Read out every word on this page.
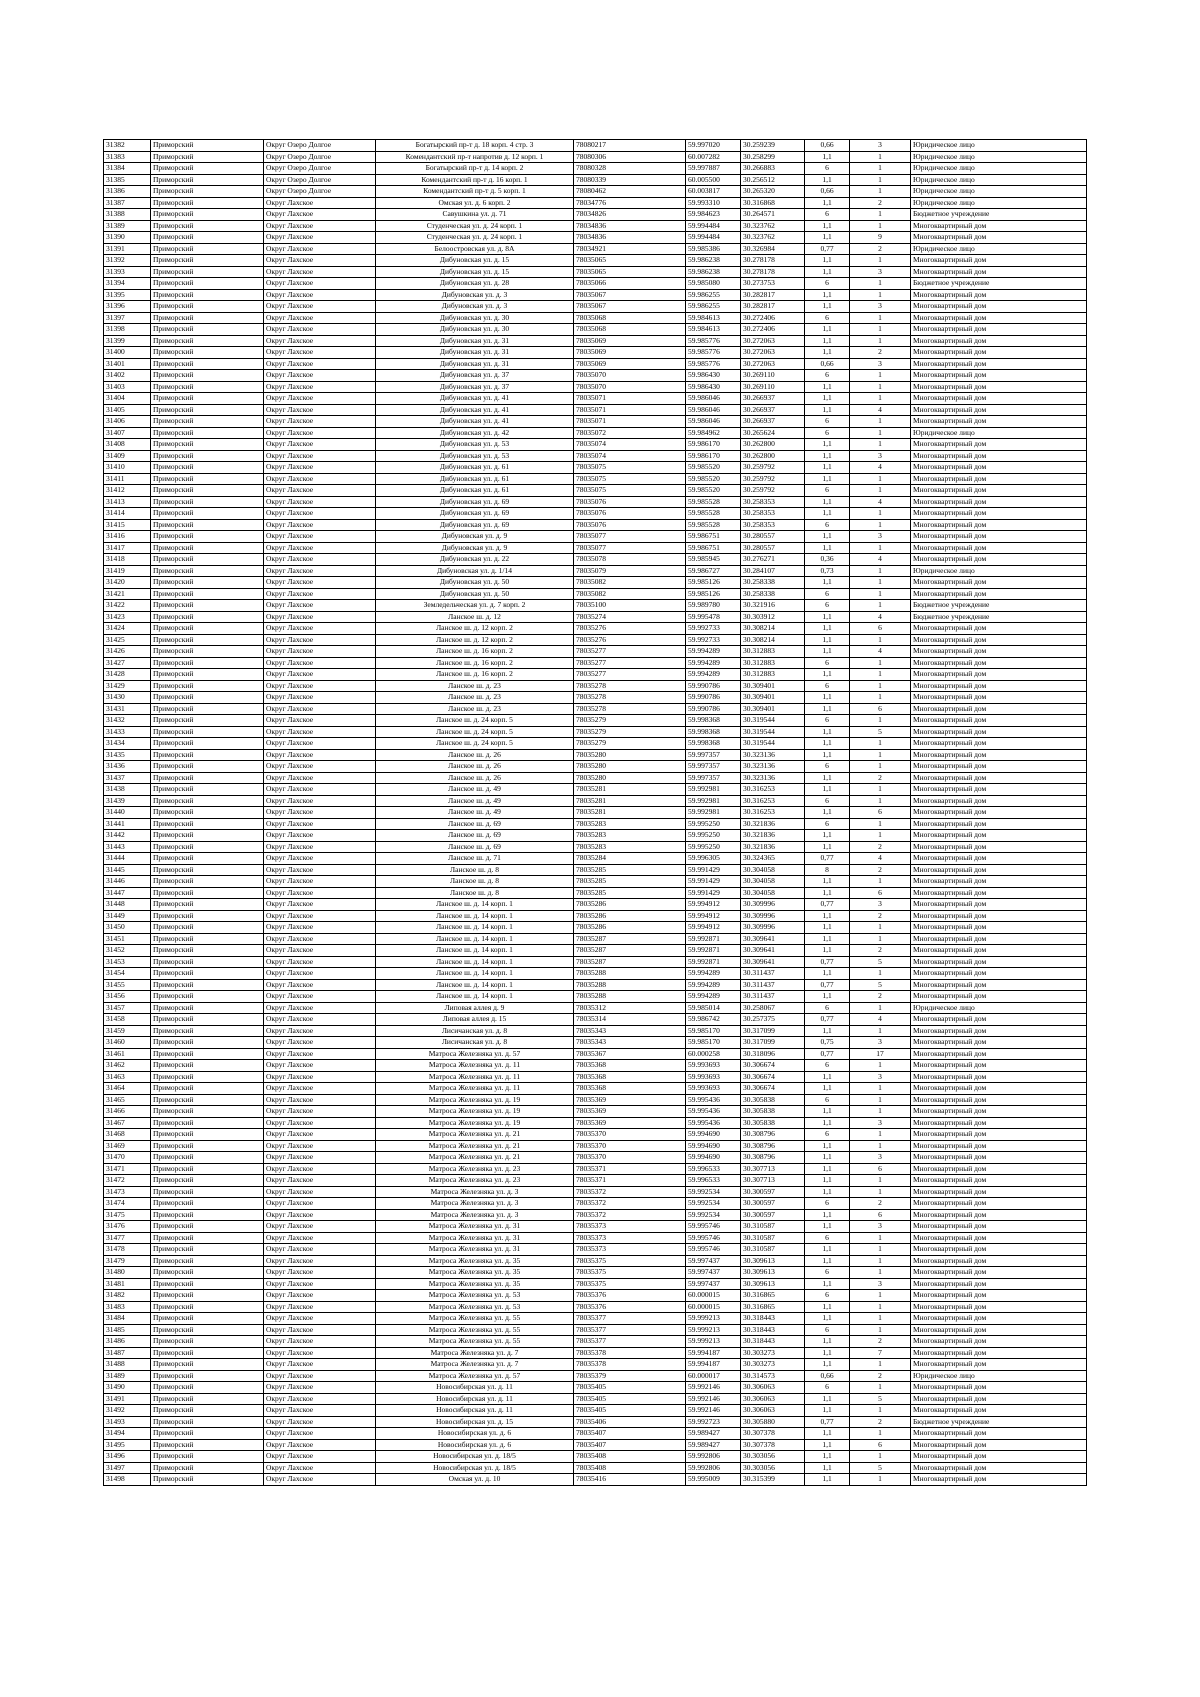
31382	Приморский	Округ Озеро Долгое	Богатырский пр-т д. 18 корп. 4 стр. 3	78080217	59.997020	30.259239	0,66	3	Юридическое лицо
31383	Приморский	Округ Озеро Долгое	Комендантский пр-т напротив д. 12 корп. 1	78080306	60.007282	30.258299	1,1	1	Юридическое лицо
31384	Приморский	Округ Озеро Долгое	Богатырский пр-т д. 14 корп. 2	78080328	59.997887	30.266883	6	1	Юридическое лицо
31385	Приморский	Округ Озеро Долгое	Комендантский пр-т д. 16 корп. 1	78080339	60.005500	30.256512	1,1	1	Юридическое лицо
31386	Приморский	Округ Озеро Долгое	Комендантский пр-т д. 5 корп. 1	78080462	60.003817	30.265320	0,66	1	Юридическое лицо
31387	Приморский	Округ Лахское	Омская ул. д. 6 корп. 2	78034776	59.993310	30.316868	1,1	2	Юридическое лицо
31388	Приморский	Округ Лахское	Савушкина ул. д. 71	78034826	59.984623	30.264571	6	1	Бюджетное учреждение
31389	Приморский	Округ Лахское	Студенческая ул. д. 24 корп. 1	78034836	59.994484	30.323762	1,1	1	Многоквартирный дом
31390	Приморский	Округ Лахское	Студенческая ул. д. 24 корп. 1	78034836	59.994484	30.323762	1,1	9	Многоквартирный дом
31391	Приморский	Округ Лахское	Белоостровская ул. д. 8А	78034921	59.985386	30.326984	0,77	2	Юридическое лицо
31392	Приморский	Округ Лахское	Дибуновская ул. д. 15	78035065	59.986238	30.278178	1,1	1	Многоквартирный дом
31393	Приморский	Округ Лахское	Дибуновская ул. д. 15	78035065	59.986238	30.278178	1,1	3	Многоквартирный дом
31394	Приморский	Округ Лахское	Дибуновская ул. д. 28	78035066	59.985080	30.273753	6	1	Бюджетное учреждение
31395	Приморский	Округ Лахское	Дибуновская ул. д. 3	78035067	59.986255	30.282817	1,1	1	Многоквартирный дом
31396	Приморский	Округ Лахское	Дибуновская ул. д. 3	78035067	59.986255	30.282817	1,1	3	Многоквартирный дом
31397	Приморский	Округ Лахское	Дибуновская ул. д. 30	78035068	59.984613	30.272406	6	1	Многоквартирный дом
31398	Приморский	Округ Лахское	Дибуновская ул. д. 30	78035068	59.984613	30.272406	1,1	1	Многоквартирный дом
31399	Приморский	Округ Лахское	Дибуновская ул. д. 31	78035069	59.985776	30.272063	1,1	1	Многоквартирный дом
31400	Приморский	Округ Лахское	Дибуновская ул. д. 31	78035069	59.985776	30.272063	1,1	2	Многоквартирный дом
31401	Приморский	Округ Лахское	Дибуновская ул. д. 31	78035069	59.985776	30.272063	0,66	3	Многоквартирный дом
31402	Приморский	Округ Лахское	Дибуновская ул. д. 37	78035070	59.986430	30.269110	6	1	Многоквартирный дом
31403	Приморский	Округ Лахское	Дибуновская ул. д. 37	78035070	59.986430	30.269110	1,1	1	Многоквартирный дом
31404	Приморский	Округ Лахское	Дибуновская ул. д. 41	78035071	59.986046	30.266937	1,1	1	Многоквартирный дом
31405	Приморский	Округ Лахское	Дибуновская ул. д. 41	78035071	59.986046	30.266937	1,1	4	Многоквартирный дом
31406	Приморский	Округ Лахское	Дибуновская ул. д. 41	78035071	59.986046	30.266937	6	1	Многоквартирный дом
31407	Приморский	Округ Лахское	Дибуновская ул. д. 42	78035072	59.984962	30.265624	6	1	Юридическое лицо
31408	Приморский	Округ Лахское	Дибуновская ул. д. 53	78035074	59.986170	30.262800	1,1	1	Многоквартирный дом
31409	Приморский	Округ Лахское	Дибуновская ул. д. 53	78035074	59.986170	30.262800	1,1	3	Многоквартирный дом
31410	Приморский	Округ Лахское	Дибуновская ул. д. 61	78035075	59.985520	30.259792	1,1	4	Многоквартирный дом
31411	Приморский	Округ Лахское	Дибуновская ул. д. 61	78035075	59.985520	30.259792	1,1	1	Многоквартирный дом
31412	Приморский	Округ Лахское	Дибуновская ул. д. 61	78035075	59.985520	30.259792	6	1	Многоквартирный дом
31413	Приморский	Округ Лахское	Дибуновская ул. д. 69	78035076	59.985528	30.258353	1,1	4	Многоквартирный дом
31414	Приморский	Округ Лахское	Дибуновская ул. д. 69	78035076	59.985528	30.258353	1,1	1	Многоквартирный дом
31415	Приморский	Округ Лахское	Дибуновская ул. д. 69	78035076	59.985528	30.258353	6	1	Многоквартирный дом
31416	Приморский	Округ Лахское	Дибуновская ул. д. 9	78035077	59.986751	30.280557	1,1	3	Многоквартирный дом
31417	Приморский	Округ Лахское	Дибуновская ул. д. 9	78035077	59.986751	30.280557	1,1	1	Многоквартирный дом
31418	Приморский	Округ Лахское	Дибуновская ул. д. 22	78035078	59.985945	30.276271	0,36	4	Многоквартирный дом
31419	Приморский	Округ Лахское	Дибуновская ул. д. 1/14	78035079	59.986727	30.284107	0,73	1	Юридическое лицо
31420	Приморский	Округ Лахское	Дибуновская ул. д. 50	78035082	59.985126	30.258338	1,1	1	Многоквартирный дом
31421	Приморский	Округ Лахское	Дибуновская ул. д. 50	78035082	59.985126	30.258338	6	1	Многоквартирный дом
31422	Приморский	Округ Лахское	Земледельческая ул. д. 7 корп. 2	78035100	59.989780	30.321916	6	1	Бюджетное учреждение
31423	Приморский	Округ Лахское	Ланское ш. д. 12	78035274	59.995478	30.303912	1,1	4	Бюджетное учреждение
31424	Приморский	Округ Лахское	Ланское ш. д. 12 корп. 2	78035276	59.992733	30.308214	1,1	6	Многоквартирный дом
31425	Приморский	Округ Лахское	Ланское ш. д. 12 корп. 2	78035276	59.992733	30.308214	1,1	1	Многоквартирный дом
31426	Приморский	Округ Лахское	Ланское ш. д. 16 корп. 2	78035277	59.994289	30.312883	1,1	4	Многоквартирный дом
31427	Приморский	Округ Лахское	Ланское ш. д. 16 корп. 2	78035277	59.994289	30.312883	6	1	Многоквартирный дом
31428	Приморский	Округ Лахское	Ланское ш. д. 16 корп. 2	78035277	59.994289	30.312883	1,1	1	Многоквартирный дом
31429	Приморский	Округ Лахское	Ланское ш. д. 23	78035278	59.990786	30.309401	6	1	Многоквартирный дом
31430	Приморский	Округ Лахское	Ланское ш. д. 23	78035278	59.990786	30.309401	1,1	1	Многоквартирный дом
31431	Приморский	Округ Лахское	Ланское ш. д. 23	78035278	59.990786	30.309401	1,1	6	Многоквартирный дом
31432	Приморский	Округ Лахское	Ланское ш. д. 24 корп. 5	78035279	59.998368	30.319544	6	1	Многоквартирный дом
31433	Приморский	Округ Лахское	Ланское ш. д. 24 корп. 5	78035279	59.998368	30.319544	1,1	5	Многоквартирный дом
31434	Приморский	Округ Лахское	Ланское ш. д. 24 корп. 5	78035279	59.998368	30.319544	1,1	1	Многоквартирный дом
31435	Приморский	Округ Лахское	Ланское ш. д. 26	78035280	59.997357	30.323136	1,1	1	Многоквартирный дом
31436	Приморский	Округ Лахское	Ланское ш. д. 26	78035280	59.997357	30.323136	6	1	Многоквартирный дом
31437	Приморский	Округ Лахское	Ланское ш. д. 26	78035280	59.997357	30.323136	1,1	2	Многоквартирный дом
31438	Приморский	Округ Лахское	Ланское ш. д. 49	78035281	59.992981	30.316253	1,1	1	Многоквартирный дом
31439	Приморский	Округ Лахское	Ланское ш. д. 49	78035281	59.992981	30.316253	6	1	Многоквартирный дом
31440	Приморский	Округ Лахское	Ланское ш. д. 49	78035281	59.992981	30.316253	1,1	6	Многоквартирный дом
31441	Приморский	Округ Лахское	Ланское ш. д. 69	78035283	59.995250	30.321836	6	1	Многоквартирный дом
31442	Приморский	Округ Лахское	Ланское ш. д. 69	78035283	59.995250	30.321836	1,1	1	Многоквартирный дом
31443	Приморский	Округ Лахское	Ланское ш. д. 69	78035283	59.995250	30.321836	1,1	2	Многоквартирный дом
31444	Приморский	Округ Лахское	Ланское ш. д. 71	78035284	59.996305	30.324365	0,77	4	Многоквартирный дом
31445	Приморский	Округ Лахское	Ланское ш. д. 8	78035285	59.991429	30.304058	8	2	Многоквартирный дом
31446	Приморский	Округ Лахское	Ланское ш. д. 8	78035285	59.991429	30.304058	1,1	1	Многоквартирный дом
31447	Приморский	Округ Лахское	Ланское ш. д. 8	78035285	59.991429	30.304058	1,1	6	Многоквартирный дом
31448	Приморский	Округ Лахское	Ланское ш. д. 14 корп. 1	78035286	59.994912	30.309996	0,77	3	Многоквартирный дом
31449	Приморский	Округ Лахское	Ланское ш. д. 14 корп. 1	78035286	59.994912	30.309996	1,1	2	Многоквартирный дом
31450	Приморский	Округ Лахское	Ланское ш. д. 14 корп. 1	78035286	59.994912	30.309996	1,1	1	Многоквартирный дом
31451	Приморский	Округ Лахское	Ланское ш. д. 14 корп. 1	78035287	59.992871	30.309641	1,1	1	Многоквартирный дом
31452	Приморский	Округ Лахское	Ланское ш. д. 14 корп. 1	78035287	59.992871	30.309641	1,1	2	Многоквартирный дом
31453	Приморский	Округ Лахское	Ланское ш. д. 14 корп. 1	78035287	59.992871	30.309641	0,77	5	Многоквартирный дом
31454	Приморский	Округ Лахское	Ланское ш. д. 14 корп. 1	78035288	59.994289	30.311437	1,1	1	Многоквартирный дом
31455	Приморский	Округ Лахское	Ланское ш. д. 14 корп. 1	78035288	59.994289	30.311437	0,77	5	Многоквартирный дом
31456	Приморский	Округ Лахское	Ланское ш. д. 14 корп. 1	78035288	59.994289	30.311437	1,1	2	Многоквартирный дом
31457	Приморский	Округ Лахское	Липовая аллея д. 9	78035312	59.985014	30.258067	6	1	Юридическое лицо
31458	Приморский	Округ Лахское	Липовая аллея д. 15	78035314	59.986742	30.257375	0,77	4	Многоквартирный дом
31459	Приморский	Округ Лахское	Лисичанская ул. д. 8	78035343	59.985170	30.317099	1,1	1	Многоквартирный дом
31460	Приморский	Округ Лахское	Лисичанская ул. д. 8	78035343	59.985170	30.317099	0,75	3	Многоквартирный дом
31461	Приморский	Округ Лахское	Матроса Железняка ул. д. 57	78035367	60.000258	30.318096	0,77	17	Многоквартирный дом
31462	Приморский	Округ Лахское	Матроса Железняка ул. д. 11	78035368	59.993693	30.306674	6	1	Многоквартирный дом
31463	Приморский	Округ Лахское	Матроса Железняка ул. д. 11	78035368	59.993693	30.306674	1,1	3	Многоквартирный дом
31464	Приморский	Округ Лахское	Матроса Железняка ул. д. 11	78035368	59.993693	30.306674	1,1	1	Многоквартирный дом
31465	Приморский	Округ Лахское	Матроса Железняка ул. д. 19	78035369	59.995436	30.305838	6	1	Многоквартирный дом
31466	Приморский	Округ Лахское	Матроса Железняка ул. д. 19	78035369	59.995436	30.305838	1,1	1	Многоквартирный дом
31467	Приморский	Округ Лахское	Матроса Железняка ул. д. 19	78035369	59.995436	30.305838	1,1	3	Многоквартирный дом
31468	Приморский	Округ Лахское	Матроса Железняка ул. д. 21	78035370	59.994690	30.308796	6	1	Многоквартирный дом
31469	Приморский	Округ Лахское	Матроса Железняка ул. д. 21	78035370	59.994690	30.308796	1,1	1	Многоквартирный дом
31470	Приморский	Округ Лахское	Матроса Железняка ул. д. 21	78035370	59.994690	30.308796	1,1	3	Многоквартирный дом
31471	Приморский	Округ Лахское	Матроса Железняка ул. д. 23	78035371	59.996533	30.307713	1,1	6	Многоквартирный дом
31472	Приморский	Округ Лахское	Матроса Железняка ул. д. 23	78035371	59.996533	30.307713	1,1	1	Многоквартирный дом
31473	Приморский	Округ Лахское	Матроса Железняка ул. д. 3	78035372	59.992534	30.300597	1,1	1	Многоквартирный дом
31474	Приморский	Округ Лахское	Матроса Железняка ул. д. 3	78035372	59.992534	30.300597	6	2	Многоквартирный дом
31475	Приморский	Округ Лахское	Матроса Железняка ул. д. 3	78035372	59.992534	30.300597	1,1	6	Многоквартирный дом
31476	Приморский	Округ Лахское	Матроса Железняка ул. д. 31	78035373	59.995746	30.310587	1,1	3	Многоквартирный дом
31477	Приморский	Округ Лахское	Матроса Железняка ул. д. 31	78035373	59.995746	30.310587	6	1	Многоквартирный дом
31478	Приморский	Округ Лахское	Матроса Железняка ул. д. 31	78035373	59.995746	30.310587	1,1	1	Многоквартирный дом
31479	Приморский	Округ Лахское	Матроса Железняка ул. д. 35	78035375	59.997437	30.309613	1,1	1	Многоквартирный дом
31480	Приморский	Округ Лахское	Матроса Железняка ул. д. 35	78035375	59.997437	30.309613	6	1	Многоквартирный дом
31481	Приморский	Округ Лахское	Матроса Железняка ул. д. 35	78035375	59.997437	30.309613	1,1	3	Многоквартирный дом
31482	Приморский	Округ Лахское	Матроса Железняка ул. д. 53	78035376	60.000015	30.316865	6	1	Многоквартирный дом
31483	Приморский	Округ Лахское	Матроса Железняка ул. д. 53	78035376	60.000015	30.316865	1,1	1	Многоквартирный дом
31484	Приморский	Округ Лахское	Матроса Железняка ул. д. 55	78035377	59.999213	30.318443	1,1	1	Многоквартирный дом
31485	Приморский	Округ Лахское	Матроса Железняка ул. д. 55	78035377	59.999213	30.318443	6	1	Многоквартирный дом
31486	Приморский	Округ Лахское	Матроса Железняка ул. д. 55	78035377	59.999213	30.318443	1,1	2	Многоквартирный дом
31487	Приморский	Округ Лахское	Матроса Железняка ул. д. 7	78035378	59.994187	30.303273	1,1	7	Многоквартирный дом
31488	Приморский	Округ Лахское	Матроса Железняка ул. д. 7	78035378	59.994187	30.303273	1,1	1	Многоквартирный дом
31489	Приморский	Округ Лахское	Матроса Железняка ул. д. 57	78035379	60.000017	30.314573	0,66	2	Юридическое лицо
31490	Приморский	Округ Лахское	Новосибирская ул. д. 11	78035405	59.992146	30.306063	6	1	Многоквартирный дом
31491	Приморский	Округ Лахское	Новосибирская ул. д. 11	78035405	59.992146	30.306063	1,1	5	Многоквартирный дом
31492	Приморский	Округ Лахское	Новосибирская ул. д. 11	78035405	59.992146	30.306063	1,1	1	Многоквартирный дом
31493	Приморский	Округ Лахское	Новосибирская ул. д. 15	78035406	59.992723	30.305880	0,77	2	Бюджетное учреждение
31494	Приморский	Округ Лахское	Новосибирская ул. д. 6	78035407	59.989427	30.307378	1,1	1	Многоквартирный дом
31495	Приморский	Округ Лахское	Новосибирская ул. д. 6	78035407	59.989427	30.307378	1,1	6	Многоквартирный дом
31496	Приморский	Округ Лахское	Новосибирская ул. д. 18/5	78035408	59.992806	30.303056	1,1	1	Многоквартирный дом
31497	Приморский	Округ Лахское	Новосибирская ул. д. 18/5	78035408	59.992806	30.303056	1,1	5	Многоквартирный дом
31498	Приморский	Округ Лахское	Омская ул. д. 10	78035416	59.995009	30.315399	1,1	1	Многоквартирный дом
